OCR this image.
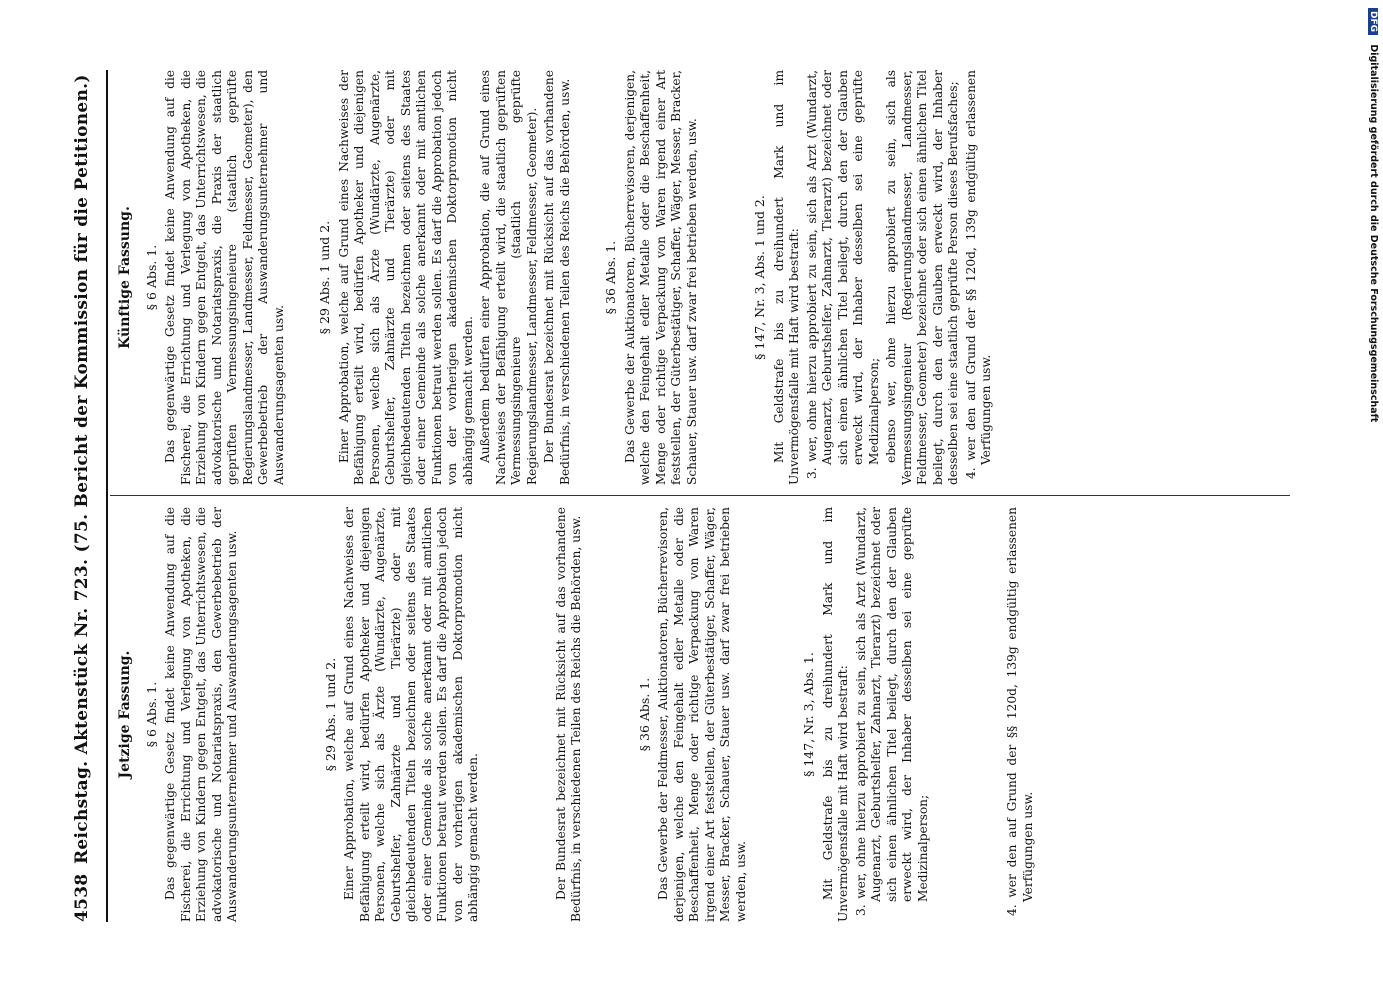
4538
Reichstag. Aktenstück Nr. 723. (75. Bericht der Kommission für die Petitionen.) Jetzige Fassung. § 6 Abs. 1. Das gegenwärtige Gesetz findet keine Anwendung auf die Fischerei, die Errichtung und Verlegung von Apotheken, die Erziehung von Kindern gegen Entgelt, das Unterrichtswesen, die advokatorische und Notariatspraxis, den Gewerbebetrieb der Auswanderungsunternehmer und Auswanderungsagenten usw.	§ 29 Abs. 1 und 2. Einer Approbation, welche auf Grund eines Nachweises der Befähigung erteilt wird, bedürfen Apotheker und diejenigen Personen, welche sich als Ärzte (Wundärzte, Augenärzte, Geburtshelfer, Zahnärzte und Tierärzte) oder mit gleichbedeutenden Titeln bezeichnen oder seitens des Staates oder einer Gemeinde als solche anerkannt oder mit amtlichen Funktionen betraut werden sollen. Es darf die Approbation jedoch von der vorherigen akademischen Doktorpromotion nicht abhängig gemacht werden.	Der Bundesrat bezeichnet mit Rücksicht auf das vorhandene Bedürfnis, in verschiedenen Teilen des Reichs die Behörden, usw.	§ 36 Abs. 1. Das Gewerbe der Feldmesser, Auktionatoren, Bücherrevisoren, derjenigen, welche den Feingehalt edler Metalle oder die Beschaffenheit, Menge oder richtige Verpackung von Waren irgend einer Art feststellen, der Güterbestätiger, Schaffer, Wäger, Messer, Bracker, Schauer, Stauer usw. darf zwar frei betrieben werden, usw.
§ 147, Nr. 3, Abs. 1. Mit Geldstrafe bis zu dreihundert Mark und im Unvermögensfalle mit Haft wird bestraft: 3. wer, ohne hierzu approbiert zu sein, sich als Arzt (Wundarzt, Augenarzt, Geburtshelfer, Zahnarzt, Tierarzt) bezeichnet oder sich einen ähnlichen Titel beilegt, durch den der Glauben erweckt wird, der Inhaber desselben sei eine geprüfte Medizinalperson;	4. wer den auf Grund der §§ 120d, 139g endgültig erlassenen Verfügungen usw.
Künftige Fassung. § 6 Abs. 1. Das gegenwärtige Gesetz findet keine Anwendung auf die Fischerei, die Errichtung und Verlegung von Apotheken, die Erziehung von Kindern gegen Entgelt, das Unterrichtswesen, die advokatorische und Notariatspraxis, die Praxis der staatlich geprüften Vermessungsingenieure (staatlich geprüfte Regierungslandmesser, Landmesser, Feldmesser, Geometer), den Gewerbebetrieb der Auswanderungsunternehmer und Auswanderungsagenten usw.
§ 29 Abs. 1 und 2. Einer Approbation, welche auf Grund eines Nachweises der Befähigung erteilt wird, bedürfen Apotheker und diejenigen Personen, welche sich als Ärzte (Wundärzte, Augenärzte, Geburtshelfer, Zahnärzte und Tierärzte) oder mit gleichbedeutenden Titeln bezeichnen oder seitens des Staates oder einer Gemeinde als solche anerkannt oder mit amtlichen Funktionen betraut werden sollen. Es darf die Approbation jedoch von der vorherigen akademischen Doktorpromotion nicht abhängig gemacht werden. Außerdem bedürfen einer Approbation, die auf Grund eines Nachweises der Befähigung erteilt wird, die staatlich geprüften Vermessungsingenieure (staatlich geprüfte Regierungslandmesser, Landmesser, Feldmesser, Geometer). Der Bundesrat bezeichnet mit Rücksicht auf das vorhandene Bedürfnis, in verschiedenen Teilen des Reichs die Behörden, usw.	§ 36 Abs. 1. Das Gewerbe der Auktionatoren, Bücherrevisoren, derjenigen, welche den Feingehalt edler Metalle oder die Beschaffenheit, Menge oder richtige Verpackung von Waren irgend einer Art feststellen, der Güterbestätiger, Schaffer, Wäger, Messer, Bracker, Schauer, Stauer usw. darf zwar frei betrieben werden, usw.	§ 147, Nr. 3, Abs. 1 und 2. Mit Geldstrafe bis zu dreihundert Mark und im Unvermögensfalle mit Haft wird bestraft: 3. wer, ohne hierzu approbiert zu sein, sich als Arzt (Wundarzt, Augenarzt, Geburtshelfer, Zahnarzt, Tierarzt) bezeichnet oder sich einen ähnlichen Titel beilegt, durch den der Glauben erweckt wird, der Inhaber desselben sei eine geprüfte Medizinalperson; ebenso wer, ohne hierzu approbiert zu sein, sich als Vermessungsingenieur (Regierungslandmesser, Landmesser, Feldmesser, Geometer) bezeichnet oder sich einen ähnlichen Titel beilegt, durch den der Glauben erweckt wird, der Inhaber desselben sei eine staatlich geprüfte Person dieses Berufsfaches; 4. wer den auf Grund der §§ 120d, 139g endgültig erlassenen Verfügungen usw.
DFG Digitalisierung gefördert durch die Deutsche Forschungsgemeinschaft
